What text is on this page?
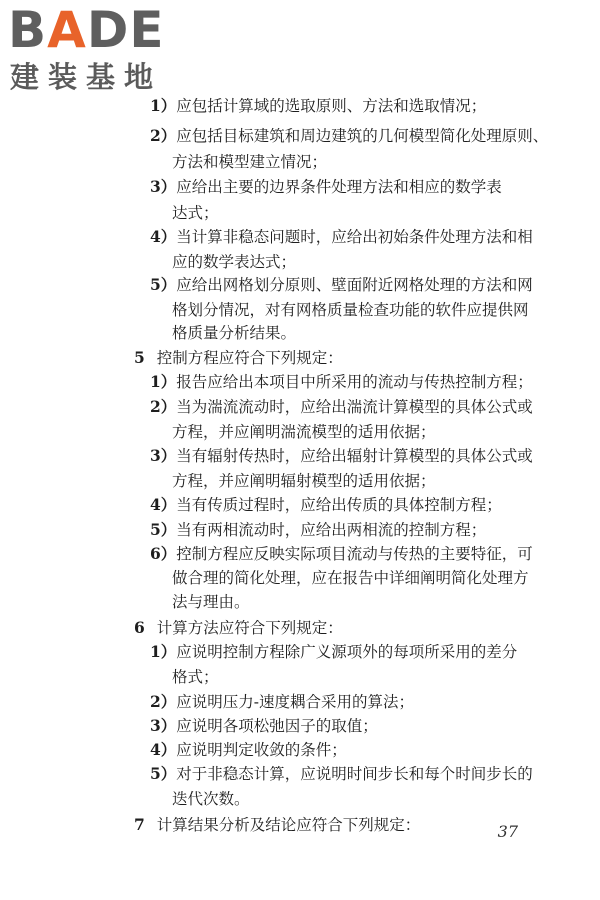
BADE
建装基地
1）应包括计算域的选取原则、方法和选取情况；
2）应包括目标建筑和周边建筑的几何模型简化处理原则、
方法和模型建立情况；
3）应给出主要的边界条件处理方法和相应的数学表
达式；
4）当计算非稳态问题时，应给出初始条件处理方法和相
应的数学表达式；
5）应给出网格划分原则、壁面附近网格处理的方法和网
格划分情况，对有网格质量检查功能的软件应提供网
格质量分析结果。
5 控制方程应符合下列规定：
1）报告应给出本项目中所采用的流动与传热控制方程；
2）当为湍流流动时，应给出湍流计算模型的具体公式或
方程，并应阐明湍流模型的适用依据；
3）当有辐射传热时，应给出辐射计算模型的具体公式或
方程，并应阐明辐射模型的适用依据；
4）当有传质过程时，应给出传质的具体控制方程；
5）当有两相流动时，应给出两相流的控制方程；
6）控制方程应反映实际项目流动与传热的主要特征，可
做合理的简化处理，应在报告中详细阐明简化处理方
法与理由。
6 计算方法应符合下列规定：
1）应说明控制方程除广义源项外的每项所采用的差分
格式；
2）应说明压力-速度耦合采用的算法；
3）应说明各项松弛因子的取值；
4）应说明判定收敛的条件；
5）对于非稳态计算，应说明时间步长和每个时间步长的
迭代次数。
7 计算结果分析及结论应符合下列规定：	37
